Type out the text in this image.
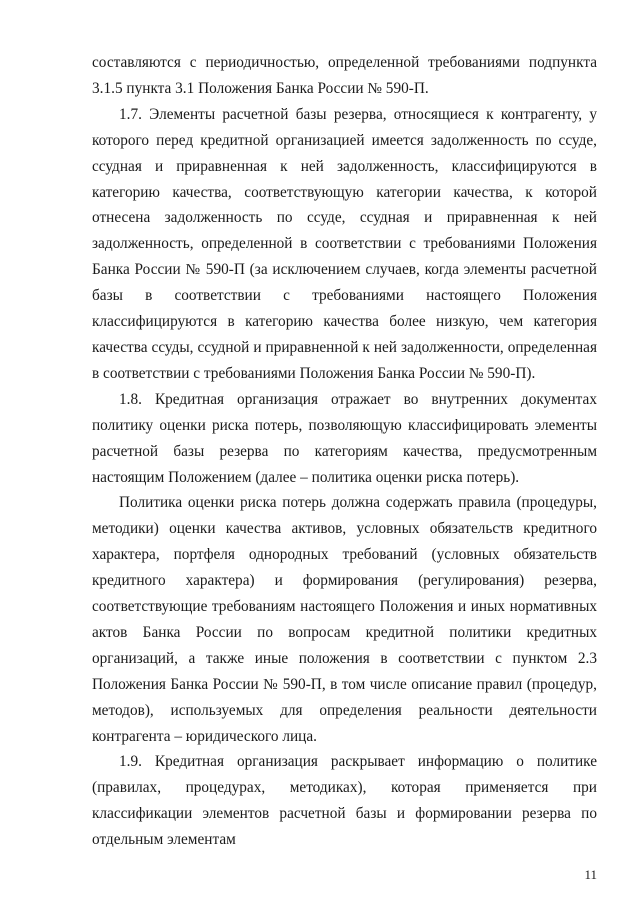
составляются с периодичностью, определенной требованиями подпункта 3.1.5 пункта 3.1 Положения Банка России № 590-П.

1.7. Элементы расчетной базы резерва, относящиеся к контрагенту, у которого перед кредитной организацией имеется задолженность по ссуде, ссудная и приравненная к ней задолженность, классифицируются в категорию качества, соответствующую категории качества, к которой отнесена задолженность по ссуде, ссудная и приравненная к ней задолженность, определенной в соответствии с требованиями Положения Банка России № 590-П (за исключением случаев, когда элементы расчетной базы в соответствии с требованиями настоящего Положения классифицируются в категорию качества более низкую, чем категория качества ссуды, ссудной и приравненной к ней задолженности, определенная в соответствии с требованиями Положения Банка России № 590-П).

1.8. Кредитная организация отражает во внутренних документах политику оценки риска потерь, позволяющую классифицировать элементы расчетной базы резерва по категориям качества, предусмотренным настоящим Положением (далее – политика оценки риска потерь).

Политика оценки риска потерь должна содержать правила (процедуры, методики) оценки качества активов, условных обязательств кредитного характера, портфеля однородных требований (условных обязательств кредитного характера) и формирования (регулирования) резерва, соответствующие требованиям настоящего Положения и иных нормативных актов Банка России по вопросам кредитной политики кредитных организаций, а также иные положения в соответствии с пунктом 2.3 Положения Банка России № 590-П, в том числе описание правил (процедур, методов), используемых для определения реальности деятельности контрагента – юридического лица.

1.9. Кредитная организация раскрывает информацию о политике (правилах, процедурах, методиках), которая применяется при классификации элементов расчетной базы и формировании резерва по отдельным элементам

11
